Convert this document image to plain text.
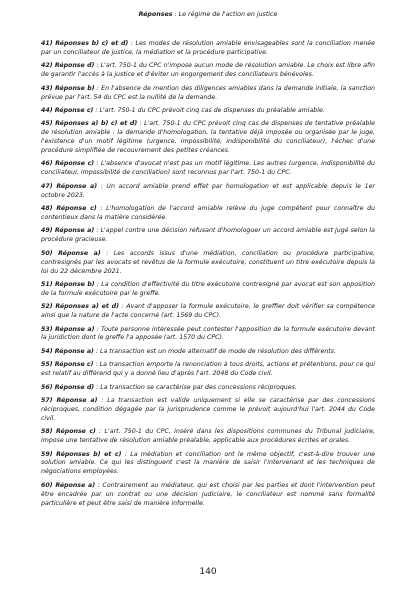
Réponses : Le régime de l'action en justice

41) Réponses b) c) et d) : Les modes de résolution amiable envisageables sont la conciliation menée par un conciliateur de justice, la médiation et la procédure participative.

42) Réponse d) : L'art. 750-1 du CPC n'impose aucun mode de résolution amiable. Le choix est libre afin de garantir l'accès à la justice et d'éviter un engorgement des conciliateurs bénévoles.

43) Réponse b) : En l'absence de mention des diligences amiables dans la demande initiale, la sanction prévue par l'art. 54 du CPC est la nullité de la demande.

44) Réponse c) : L'art. 750-1 du CPC prévoit cinq cas de dispenses du préalable amiable.

45) Réponses a) b) c) et d) : L'art. 750-1 du CPC prévoit cinq cas de dispenses de tentative préalable de résolution amiable : la demande d'homologation, la tentative déjà imposée ou organisée par le juge, l'existence d'un motif légitime (urgence, impossibilité, indisponibilité du conciliateur), l'échec d'une procédure simplifiée de recouvrement des petites créances.

46) Réponse c) : L'absence d'avocat n'est pas un motif légitime. Les autres (urgence, indisponibilité du conciliateur, impossibilité de conciliation) sont reconnus par l'art. 750-1 du CPC.

47) Réponse a) : Un accord amiable prend effet par homologation et est applicable depuis le 1er octobre 2023.

48) Réponse c) : L'homologation de l'accord amiable relève du juge compétent pour connaître du contentieux dans la matière considérée.

49) Réponse a) : L'appel contre une décision refusant d'homologuer un accord amiable est jugé selon la procédure gracieuse.

50) Réponse a) : Les accords issus d'une médiation, conciliation ou procédure participative, contresignés par les avocats et revêtus de la formule exécutoire, constituent un titre exécutoire depuis la loi du 22 décembre 2021.

51) Réponse b) : La condition d'effectivité du titre exécutoire contresigné par avocat est son apposition de la formule exécutoire par le greffe.

52) Réponses a) et d) : Avant d'apposer la formule exécutoire, le greffier doit vérifier sa compétence ainsi que la nature de l'acte concerné (art. 1569 du CPC).

53) Réponse a) : Toute personne intéressée peut contester l'apposition de la formule exécutoire devant la juridiction dont le greffe l'a apposée (art. 1570 du CPC).

54) Réponse a) : La transaction est un mode alternatif de mode de résolution des différents.

55) Réponse c) : La transaction emporte la renonciation à tous droits, actions et prétentions, pour ce qui est relatif au différend qui y a donné lieu d'après l'art. 2048 du Code civil.

56) Réponse d) : La transaction se caractérise par des concessions réciproques.

57) Réponse a) : La transaction est valide uniquement si elle se caractérise par des concessions réciproques, condition dégagée par la jurisprudence comme le prévoit aujourd'hui l'art. 2044 du Code civil.

58) Réponse c) : L'art. 750-1 du CPC, inséré dans les dispositions communes du Tribunal judiciaire, impose une tentative de résolution amiable préalable, applicable aux procédures écrites et orales.

59) Réponses b) et c) : La médiation et conciliation ont le même objectif, c'est-à-dire trouver une solution amiable. Ce qui les distinguent c'est la manière de saisir l'intervenant et les techniques de négociations employées.

60) Réponse a) : Contrairement au médiateur, qui est choisi par les parties et dont l'intervention peut être encadrée par un contrat ou une décision judiciaire, le conciliateur est nommé sans formalité particulière et peut être saisi de manière informelle.

140
